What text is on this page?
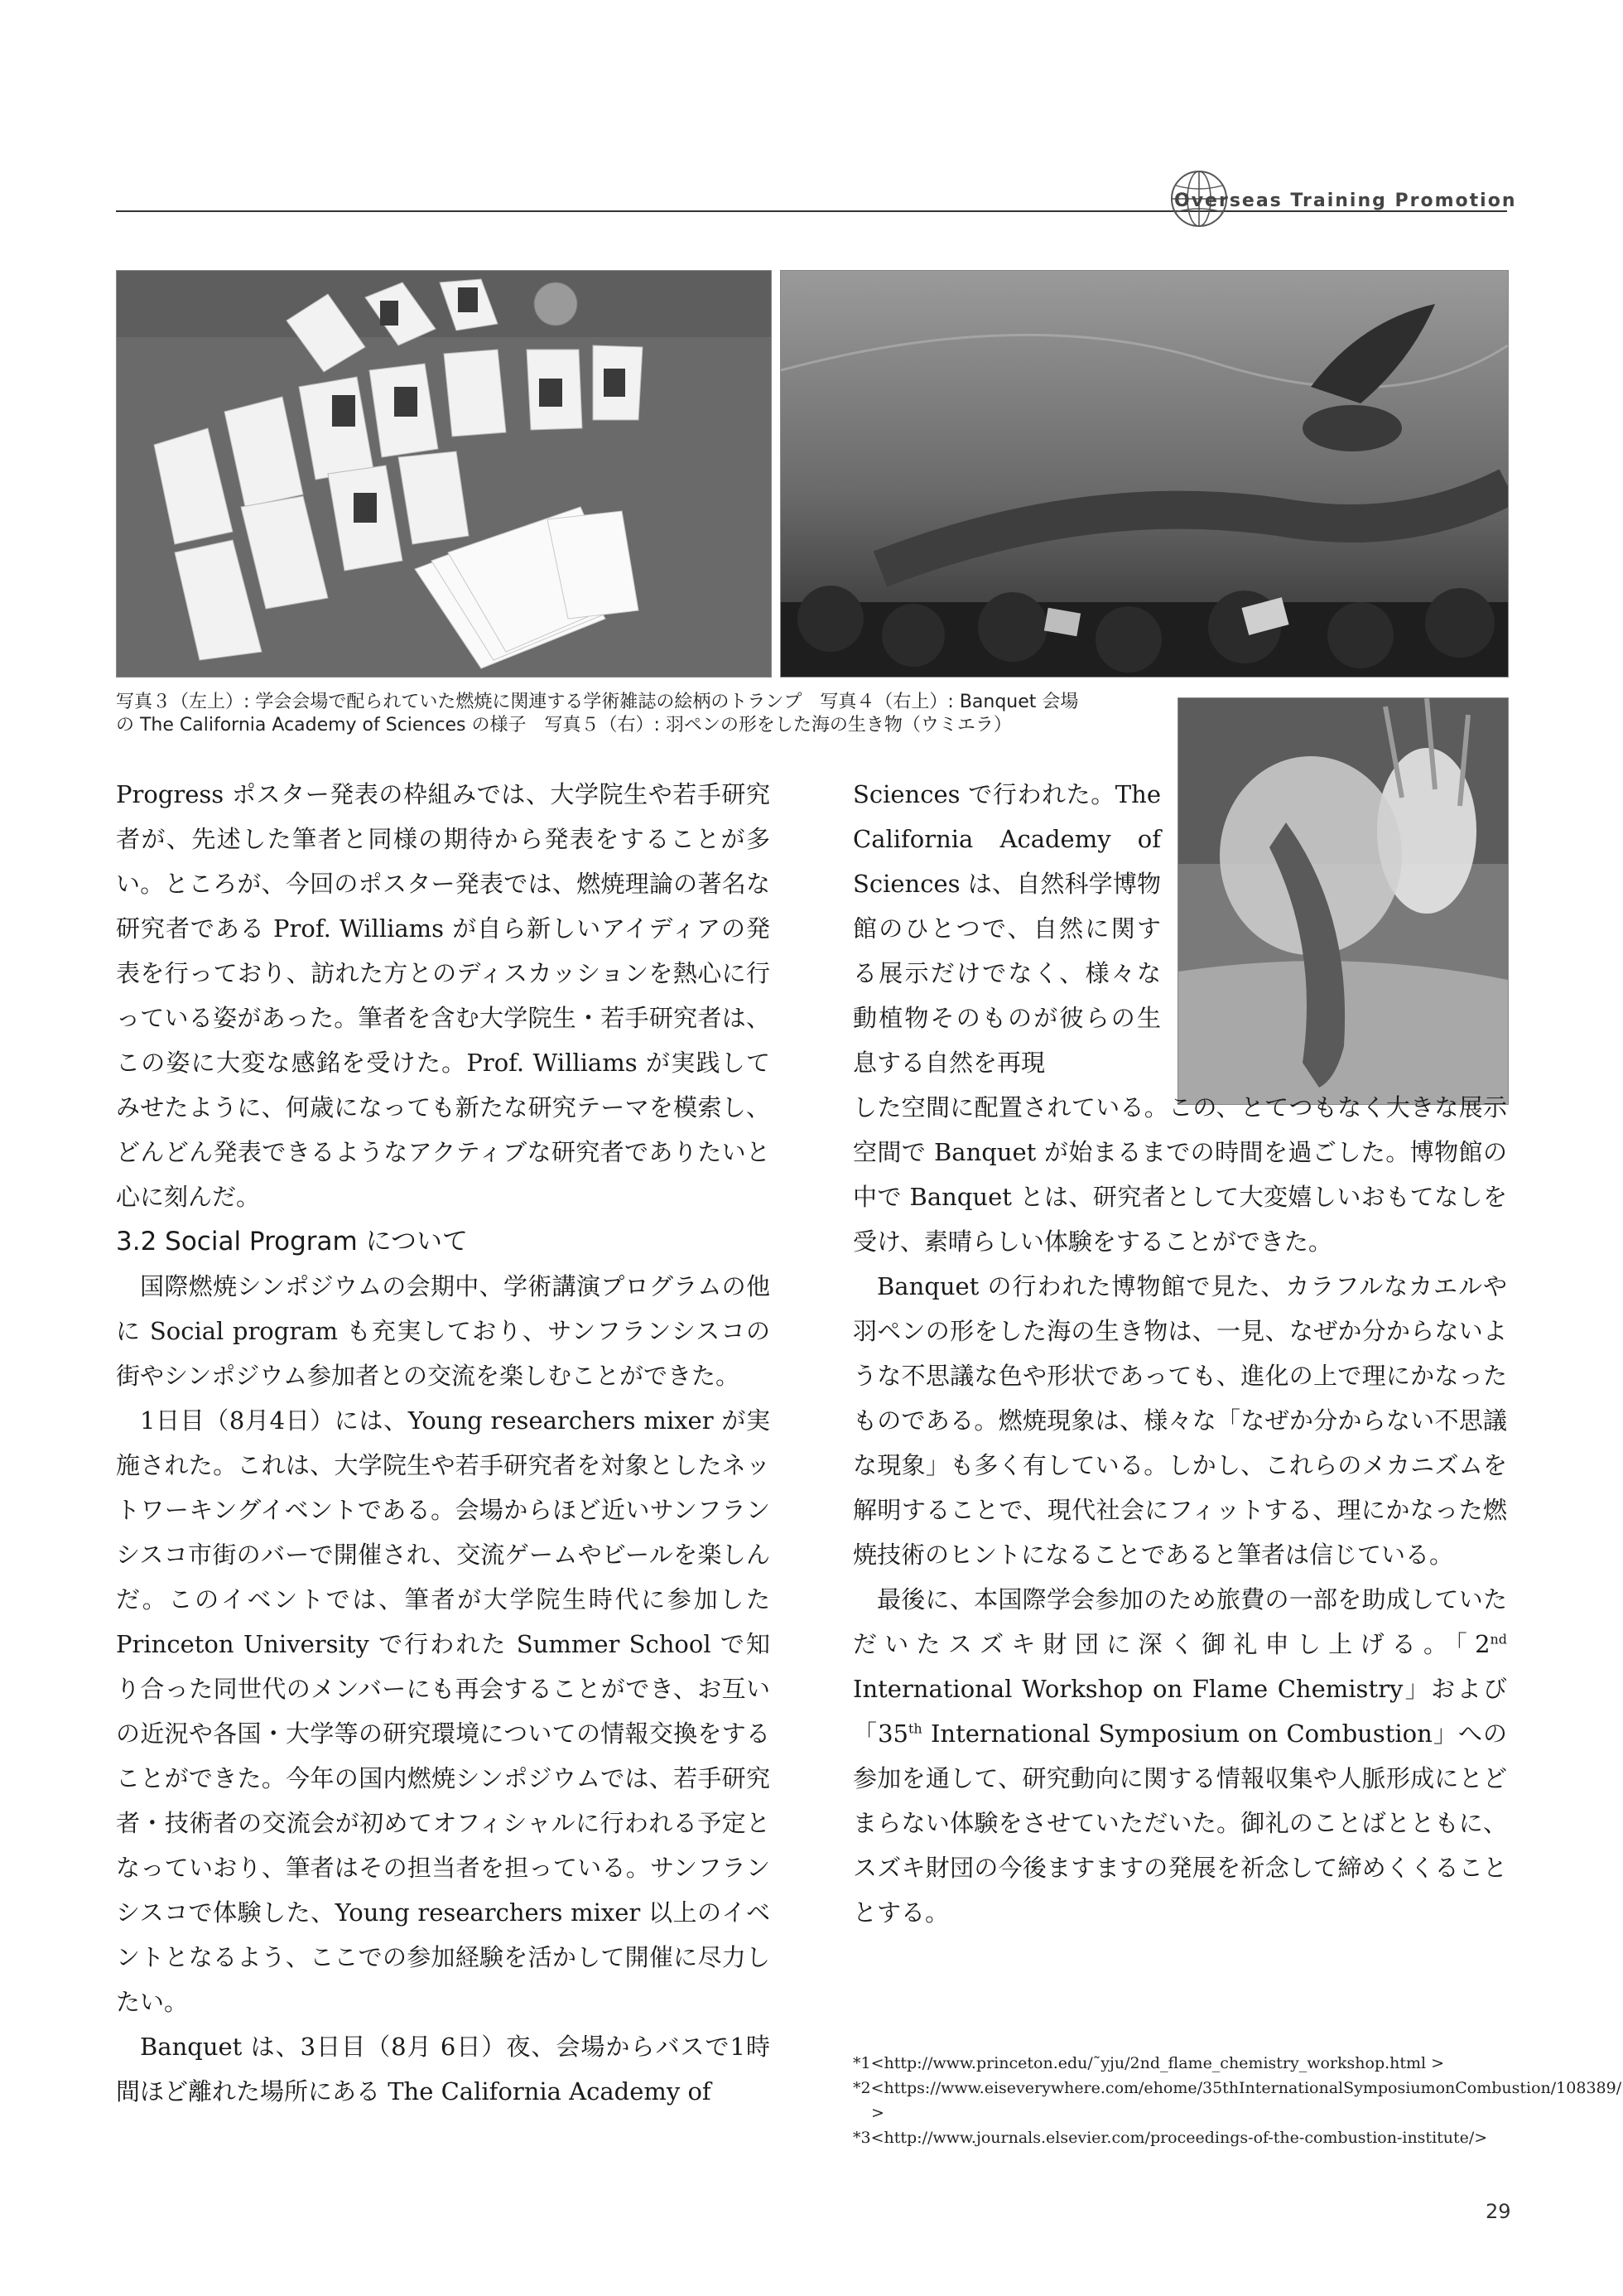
Overseas Training Promotion
写真３（左上）: 学会会場で配られていた燃焼に関連する学術雑誌の絵柄のトランプ　写真４（右上）: Banquet 会場
の The California Academy of Sciences の様子　写真５（右）: 羽ペンの形をした海の生き物（ウミエラ）

Progress ポスター発表の枠組みでは、大学院生や若手研究者が、先述した筆者と同様の期待から発表をすることが多い。ところが、今回のポスター発表では、燃焼理論の著名な研究者である Prof. Williams が自ら新しいアイディアの発表を行っており、訪れた方とのディスカッションを熱心に行っている姿があった。筆者を含む大学院生・若手研究者は、この姿に大変な感銘を受けた。Prof. Williams が実践してみせたように、何歳になっても新たな研究テーマを模索し、どんどん発表できるようなアクティブな研究者でありたいと心に刻んだ。

3.2 Social Program について

国際燃焼シンポジウムの会期中、学術講演プログラムの他に Social program も充実しており、サンフランシスコの街やシンポジウム参加者との交流を楽しむことができた。

1日目（8月4日）には、Young researchers mixer が実施された。これは、大学院生や若手研究者を対象としたネットワーキングイベントである。会場からほど近いサンフランシスコ市街のバーで開催され、交流ゲームやビールを楽しんだ。このイベントでは、筆者が大学院生時代に参加した Princeton University で行われた Summer School で知り合った同世代のメンバーにも再会することができ、お互いの近況や各国・大学等の研究環境についての情報交換をすることができた。今年の国内燃焼シンポジウムでは、若手研究者・技術者の交流会が初めてオフィシャルに行われる予定となっていおり、筆者はその担当者を担っている。サンフランシスコで体験した、Young researchers mixer 以上のイベントとなるよう、ここでの参加経験を活かして開催に尽力したい。

Banquet は、3日目（8月 6日）夜、会場からバスで1時間ほど離れた場所にある The California Academy of

Sciences で行われた。The California Academy of Sciences は、自然科学博物館のひとつで、自然に関する展示だけでなく、様々な動植物そのものが彼らの生息する自然を再現

した空間に配置されている。この、とてつもなく大きな展示空間で Banquet が始まるまでの時間を過ごした。博物館の中で Banquet とは、研究者として大変嬉しいおもてなしを受け、素晴らしい体験をすることができた。

Banquet の行われた博物館で見た、カラフルなカエルや羽ペンの形をした海の生き物は、一見、なぜか分からないような不思議な色や形状であっても、進化の上で理にかなったものである。燃焼現象は、様々な「なぜか分からない不思議な現象」も多く有している。しかし、これらのメカニズムを解明することで、現代社会にフィットする、理にかなった燃焼技術のヒントになることであると筆者は信じている。

最後に、本国際学会参加のため旅費の一部を助成していただいたスズキ財団に深く御礼申し上げる。「2nd International Workshop on Flame Chemistry」および「35th International Symposium on Combustion」への参加を通して、研究動向に関する情報収集や人脈形成にとどまらない体験をさせていただいた。御礼のことばとともに、スズキ財団の今後ますますの発展を祈念して締めくくることとする。

*1<http://www.princeton.edu/˜yju/2nd_flame_chemistry_workshop.html >
*2<https://www.eiseverywhere.com/ehome/35thInternationalSymposiumonCombustion/108389/ >
*3<http://www.journals.elsevier.com/proceedings-of-the-combustion-institute/>
29
